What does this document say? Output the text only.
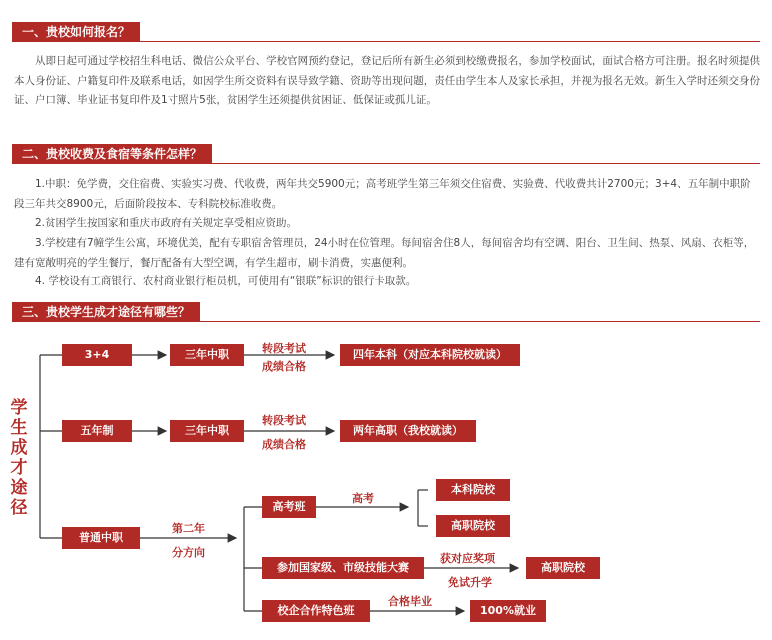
一、贵校如何报名？

从即日起可通过学校招生科电话、微信公众平台、学校官网预约登记，登记后所有新生必须到校缴费报名，参加学校面试，面试合格方可注册。报名时须提供本人身份证、户籍复印件及联系电话，如因学生所交资料有误导致学籍、资助等出现问题，责任由学生本人及家长承担，并视为报名无效。新生入学时还须交身份证、户口簿、毕业证书复印件及1寸照片5张，贫困学生还须提供贫困证、低保证或孤儿证。

二、贵校收费及食宿等条件怎样？

1.中职：免学费，交住宿费、实验实习费、代收费，两年共交5900元；高考班学生第三年须交住宿费、实验费、代收费共计2700元；3+4、五年制中职阶段三年共交8900元，后面阶段按本、专科院校标准收费。

2.贫困学生按国家和重庆市政府有关规定享受相应资助。

3.学校建有7幢学生公寓，环境优美，配有专职宿舍管理员，24小时在位管理。每间宿舍住8人，每间宿舍均有空调、阳台、卫生间、热泵、风扇、衣柜等，建有宽敞明亮的学生餐厅，餐厅配备有大型空调，有学生超市，刷卡消费，实惠便利。

4. 学校设有工商银行、农村商业银行柜员机，可使用有“银联”标识的银行卡取款。

三、贵校学生成才途径有哪些？
学生成才途径
3+4	三年中职	转段考试
成绩合格
四年本科（对应本科院校就读）
五年制	三年中职
转段考试
成绩合格
两年高职（我校就读）
普通中职
第二年
分方向
高考班
高考
本科院校
高职院校
参加国家级、市级技能大赛
获对应奖项
免试升学
高职院校
校企合作特色班
合格毕业
100%就业
